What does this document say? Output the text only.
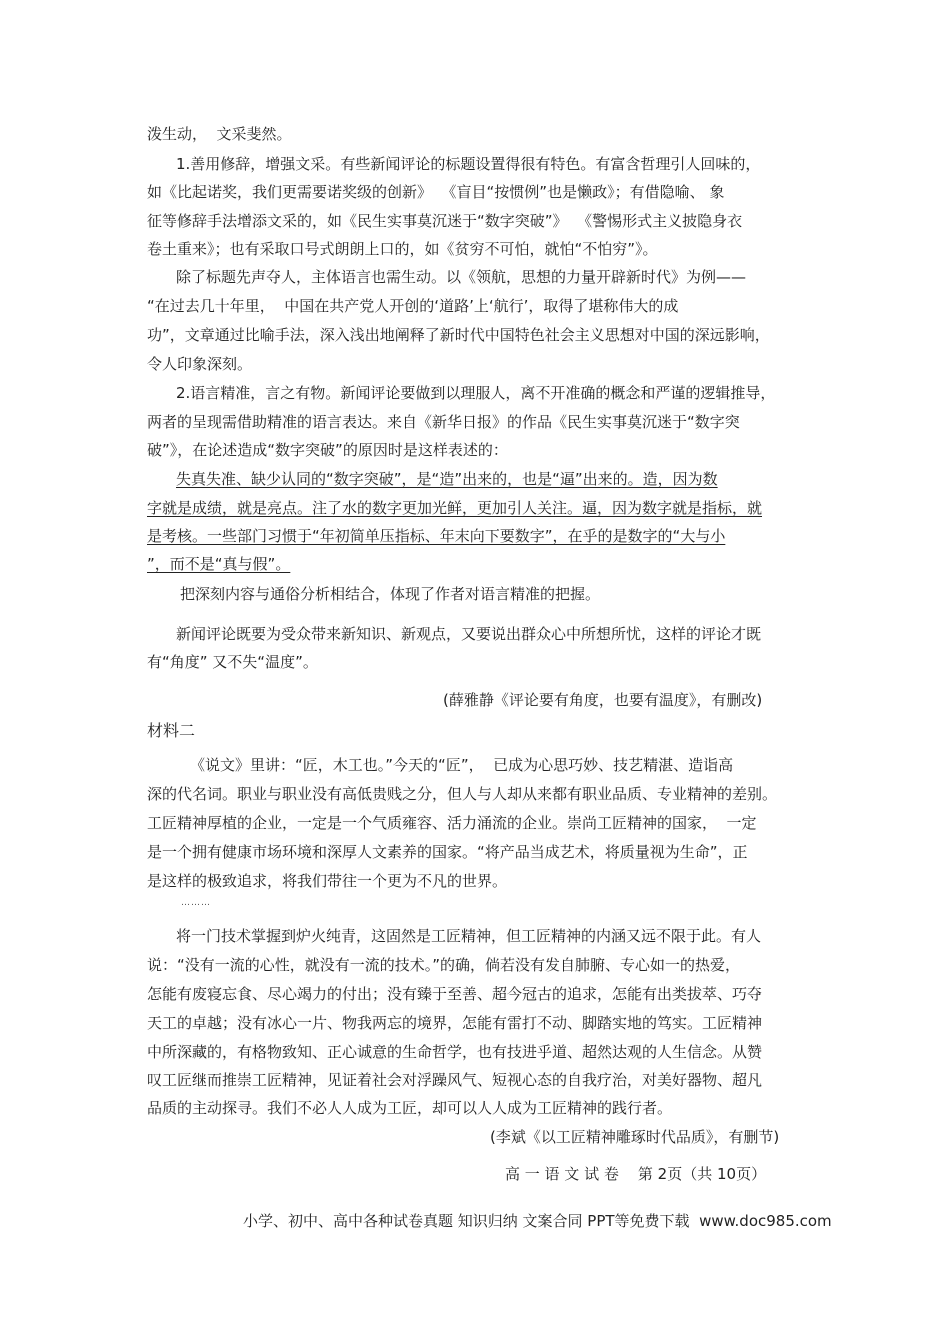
泼生动，  文采斐然。
1.善用修辞，增强文采。有些新闻评论的标题设置得很有特色。有富含哲理引人回味的，
如《比起诺奖，我们更需要诺奖级的创新》  《盲目“按惯例”也是懒政》；有借隐喻、 象
征等修辞手法增添文采的，如《民生实事莫沉迷于“数字突破”》  《警惕形式主义披隐身衣
卷土重来》；也有采取口号式朗朗上口的，如《贫穷不可怕，就怕“不怕穷”》。
除了标题先声夺人，主体语言也需生动。以《领航，思想的力量开辟新时代》为例——
“在过去几十年里，  中国在共产党人开创的‘道路’上‘航行’，取得了堪称伟大的成
功”，文章通过比喻手法，深入浅出地阐释了新时代中国特色社会主义思想对中国的深远影响，
令人印象深刻。
2.语言精准，言之有物。新闻评论要做到以理服人，离不开准确的概念和严谨的逻辑推导，
两者的呈现需借助精准的语言表达。来自《新华日报》的作品《民生实事莫沉迷于“数字突
破”》，在论述造成“数字突破”的原因时是这样表述的：
失真失准、缺少认同的“数字突破”，是“造”出来的，也是“逼”出来的。造，因为数
字就是成绩，就是亮点。注了水的数字更加光鲜，更加引人关注。逼，因为数字就是指标，就
是考核。一些部门习惯于“年初简单压指标、年末向下要数字”，在乎的是数字的“大与小
”，而不是“真与假”。
把深刻内容与通俗分析相结合，体现了作者对语言精准的把握。
新闻评论既要为受众带来新知识、新观点，又要说出群众心中所想所忧，这样的评论才既
有“角度” 又不失“温度”。
(薛雅静《评论要有角度，也要有温度》，有删改)
材料二
《说文》里讲：“匠，木工也。”今天的“匠”，  已成为心思巧妙、技艺精湛、造诣高
深的代名词。职业与职业没有高低贵贱之分，但人与人却从来都有职业品质、专业精神的差别。
工匠精神厚植的企业，一定是一个气质雍容、活力涌流的企业。崇尚工匠精神的国家，  一定
是一个拥有健康市场环境和深厚人文素养的国家。“将产品当成艺术，将质量视为生命”，正
是这样的极致追求，将我们带往一个更为不凡的世界。
………
将一门技术掌握到炉火纯青，这固然是工匠精神，但工匠精神的内涵又远不限于此。有人
说：“没有一流的心性，就没有一流的技术。”的确，倘若没有发自肺腑、专心如一的热爱，
怎能有废寝忘食、尽心竭力的付出；没有臻于至善、超今冠古的追求，怎能有出类拔萃、巧夺
天工的卓越；没有冰心一片、物我两忘的境界，怎能有雷打不动、脚踏实地的笃实。工匠精神
中所深藏的，有格物致知、正心诚意的生命哲学，也有技进乎道、超然达观的人生信念。从赞
叹工匠继而推崇工匠精神，见证着社会对浮躁风气、短视心态的自我疗治，对美好器物、超凡
品质的主动探寻。我们不必人人成为工匠，却可以人人成为工匠精神的践行者。
(李斌《以工匠精神雕琢时代品质》，有删节)
高 一 语 文 试 卷    第 2页（共 10页）
小学、初中、高中各种试卷真题 知识归纳 文案合同 PPT等免费下载  www.doc985.com
